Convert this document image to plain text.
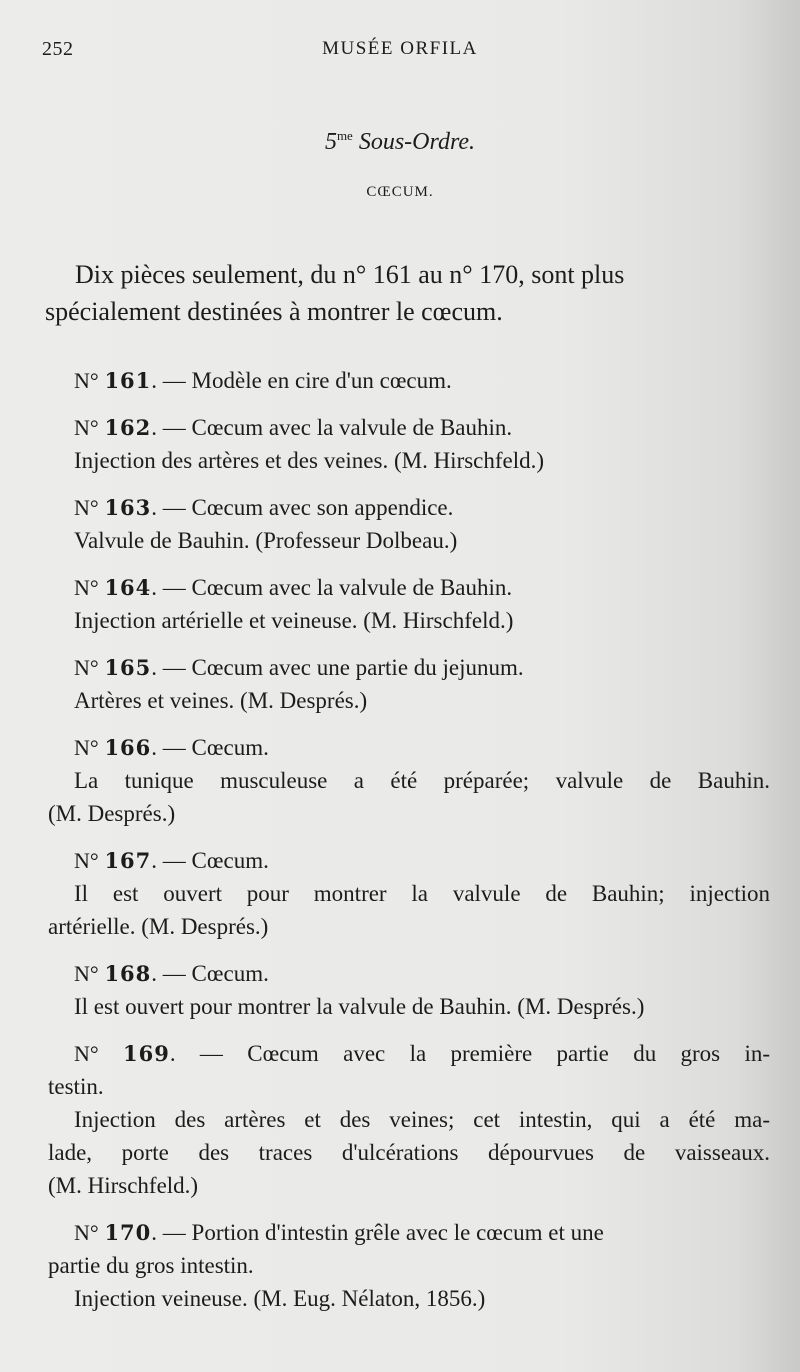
252	MUSÉE ORFILA
$5^{me}$ Sous-Ordre.
CŒCUM.
Dix pièces seulement, du n° 161 au n° 170, sont plus
spécialement destinées à montrer le cœcum.
N° 161. — Modèle en cire d'un cœcum.
N° 162. — Cœcum avec la valvule de Bauhin.
Injection des artères et des veines. (M. Hirschfeld.)
N° 163. — Cœcum avec son appendice.
Valvule de Bauhin. (Professeur Dolbeau.)
N° 164. — Cœcum avec la valvule de Bauhin.
Injection artérielle et veineuse. (M. Hirschfeld.)
N° 165. — Cœcum avec une partie du jejunum.
Artères et veines. (M. Després.)
N° 166. — Cœcum.
La tunique musculeuse a été préparée; valvule de Bauhin.
(M. Després.)
N° 167. — Cœcum.
Il est ouvert pour montrer la valvule de Bauhin; injection
artérielle. (M. Després.)
N° 168. — Cœcum.
Il est ouvert pour montrer la valvule de Bauhin. (M. Després.)
N° 169. — Cœcum avec la première partie du gros in-
testin.
Injection des artères et des veines; cet intestin, qui a été ma-
lade, porte des traces d'ulcérations dépourvues de vaisseaux.
(M. Hirschfeld.)
N° 170. — Portion d'intestin grêle avec le cœcum et une
partie du gros intestin.
Injection veineuse. (M. Eug. Nélaton, 1856.)
